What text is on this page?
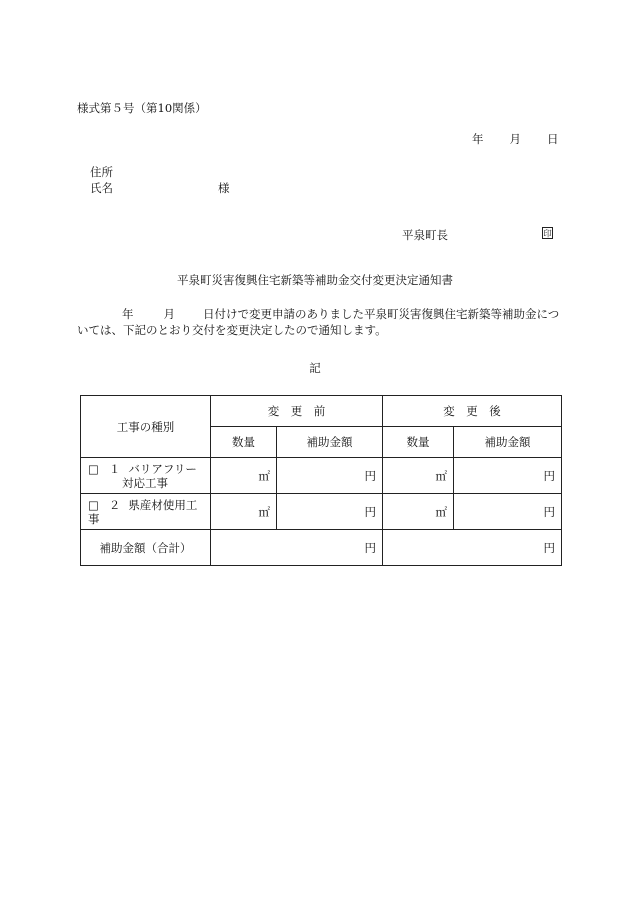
様式第５号（第10関係）
年 月 日
住所
氏名	様
平泉町長	印
平泉町災害復興住宅新築等補助金交付変更決定通知書
年	月 日付けで変更申請のありました平泉町災害復興住宅新築等補助金につ
いては、下記のとおり交付を変更決定したので通知します。
記
工事の種別	変　更　前		変　更　後	
	数量	補助金額	数量	補助金額
□ １ バリアフリー
対応工事	㎡	円	㎡	円
□ ２ 県産材使用工事	㎡	円	㎡	円
補助金額（合計）	円		円	
